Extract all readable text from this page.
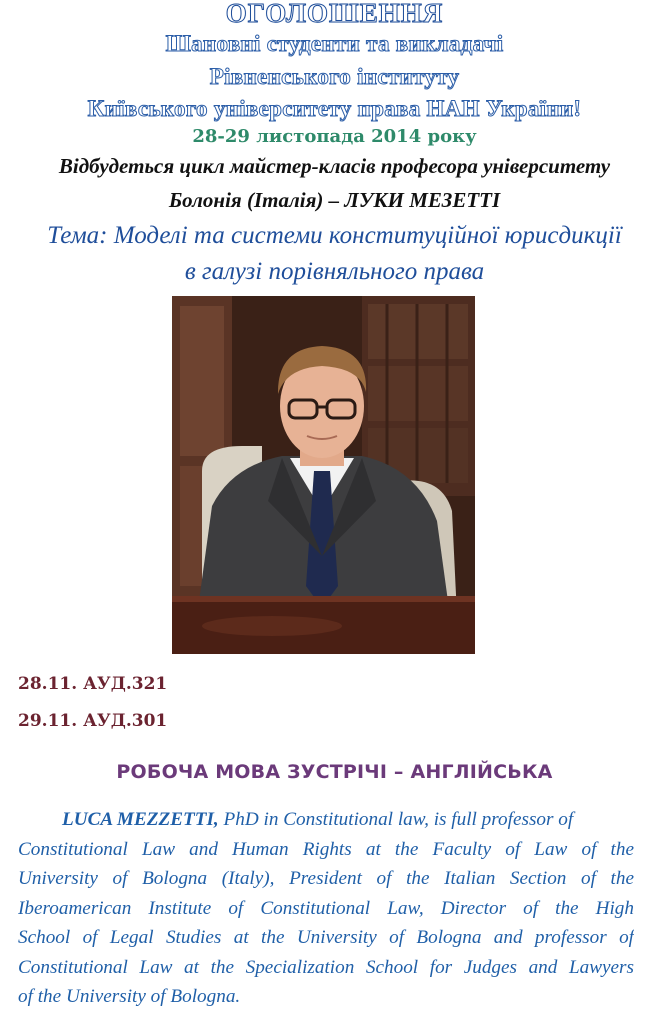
ОГОЛОШЕННЯ
Шановні студенти та викладачі
Рівненського інституту
Київського університету права НАН України!
28-29 листопада 2014 року
Відбудеться цикл майстер-класів професора університету
Болонія (Італія) – ЛУКИ МЕЗЕТТІ
Тема: Моделі та системи конституційної юрисдикції
в галузі порівняльного права
28.11. АУД.321
29.11. АУД.301
РОБОЧА МОВА ЗУСТРІЧІ – АНГЛІЙСЬКА
LUCA MEZZETTI, PhD in Constitutional law, is full professor of
Constitutional Law and Human Rights at the Faculty of Law of the
University of Bologna (Italy), President of the Italian Section of the
Iberoamerican Institute of Constitutional Law, Director of the High
School of Legal Studies at the University of Bologna and professor of
Constitutional Law at the Specialization School for Judges and Lawyers
of the University of Bologna.
